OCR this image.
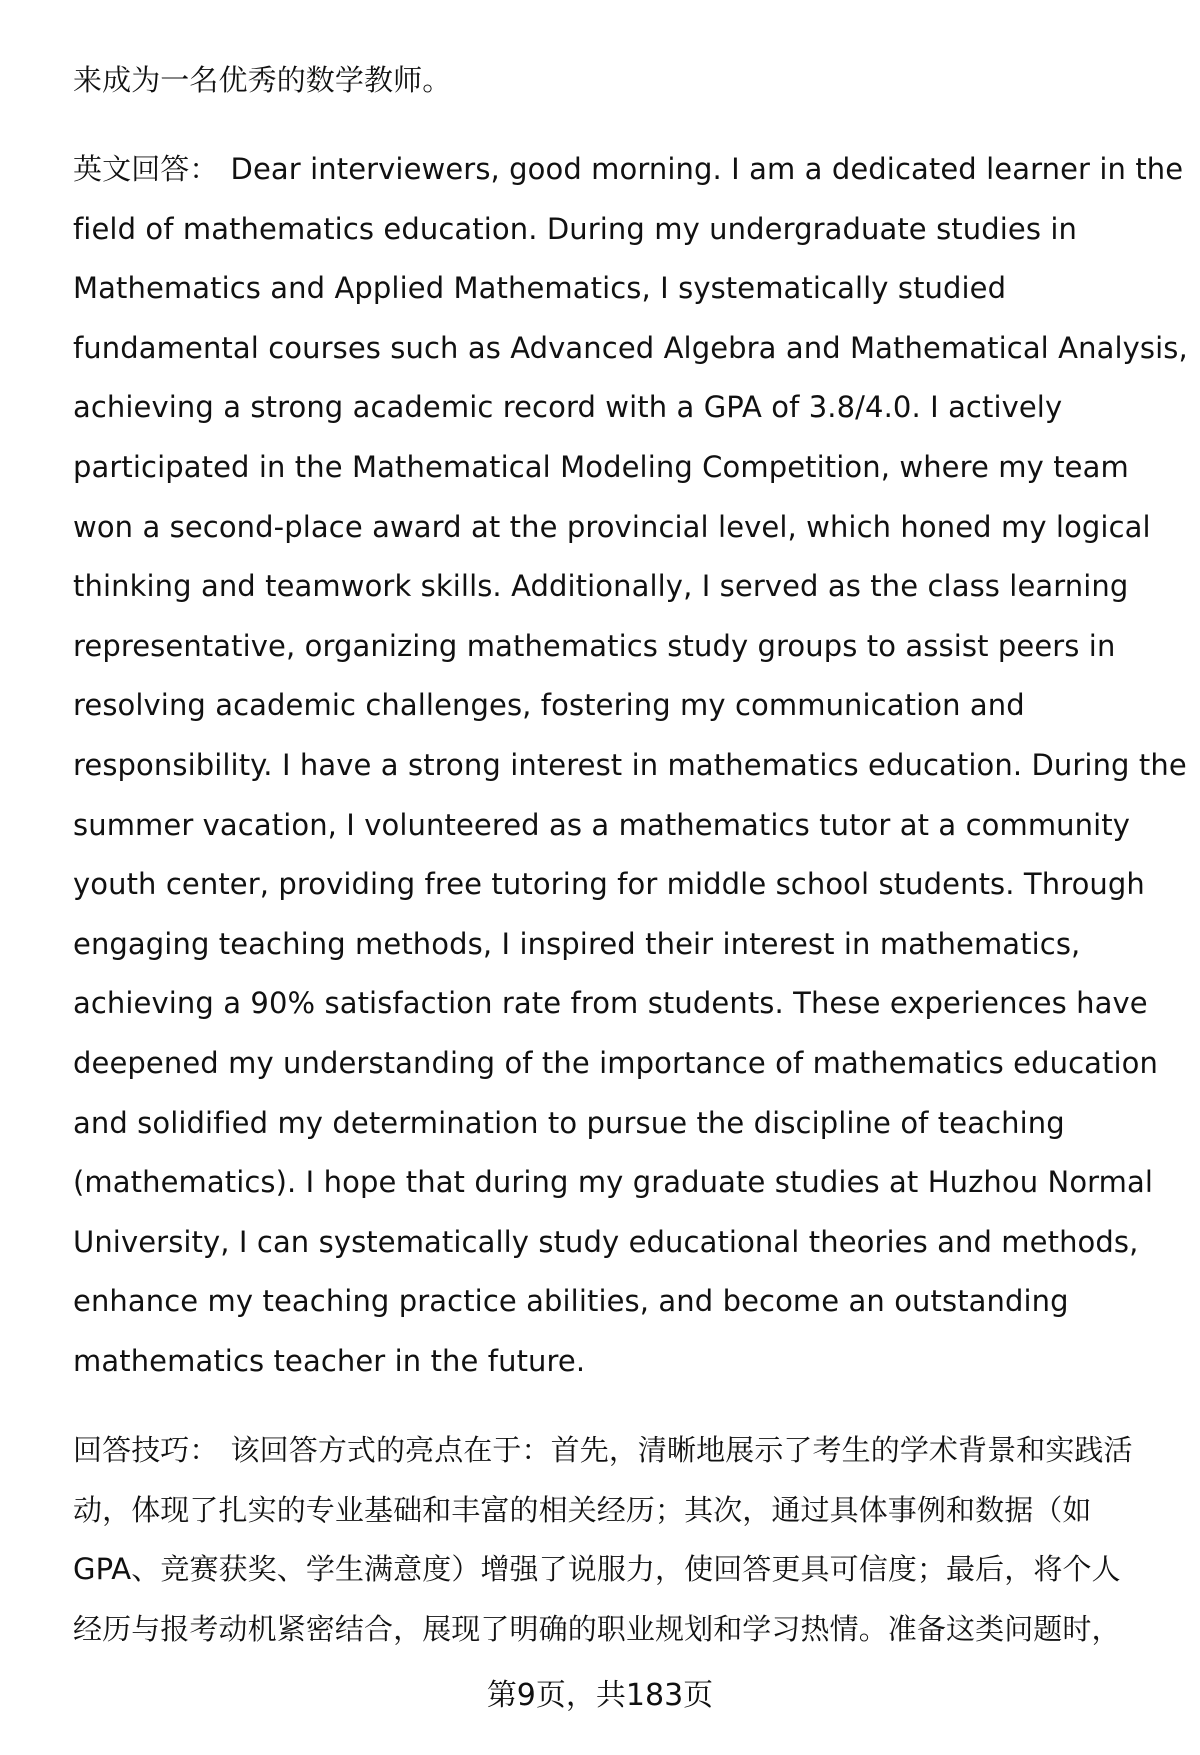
来成为一名优秀的数学教师。
英文回答： Dear interviewers, good morning. I am a dedicated learner in the
field of mathematics education. During my undergraduate studies in
Mathematics and Applied Mathematics, I systematically studied
fundamental courses such as Advanced Algebra and Mathematical Analysis,
achieving a strong academic record with a GPA of 3.8/4.0. I actively
participated in the Mathematical Modeling Competition, where my team
won a second-place award at the provincial level, which honed my logical
thinking and teamwork skills. Additionally, I served as the class learning
representative, organizing mathematics study groups to assist peers in
resolving academic challenges, fostering my communication and
responsibility. I have a strong interest in mathematics education. During the
summer vacation, I volunteered as a mathematics tutor at a community
youth center, providing free tutoring for middle school students. Through
engaging teaching methods, I inspired their interest in mathematics,
achieving a 90% satisfaction rate from students. These experiences have
deepened my understanding of the importance of mathematics education
and solidified my determination to pursue the discipline of teaching
(mathematics). I hope that during my graduate studies at Huzhou Normal
University, I can systematically study educational theories and methods,
enhance my teaching practice abilities, and become an outstanding
mathematics teacher in the future.
回答技巧： 该回答方式的亮点在于：首先，清晰地展示了考生的学术背景和实践活
动，体现了扎实的专业基础和丰富的相关经历；其次，通过具体事例和数据（如
GPA、竞赛获奖、学生满意度）增强了说服力，使回答更具可信度；最后，将个人
经历与报考动机紧密结合，展现了明确的职业规划和学习热情。准备这类问题时，
第9页，共183页
